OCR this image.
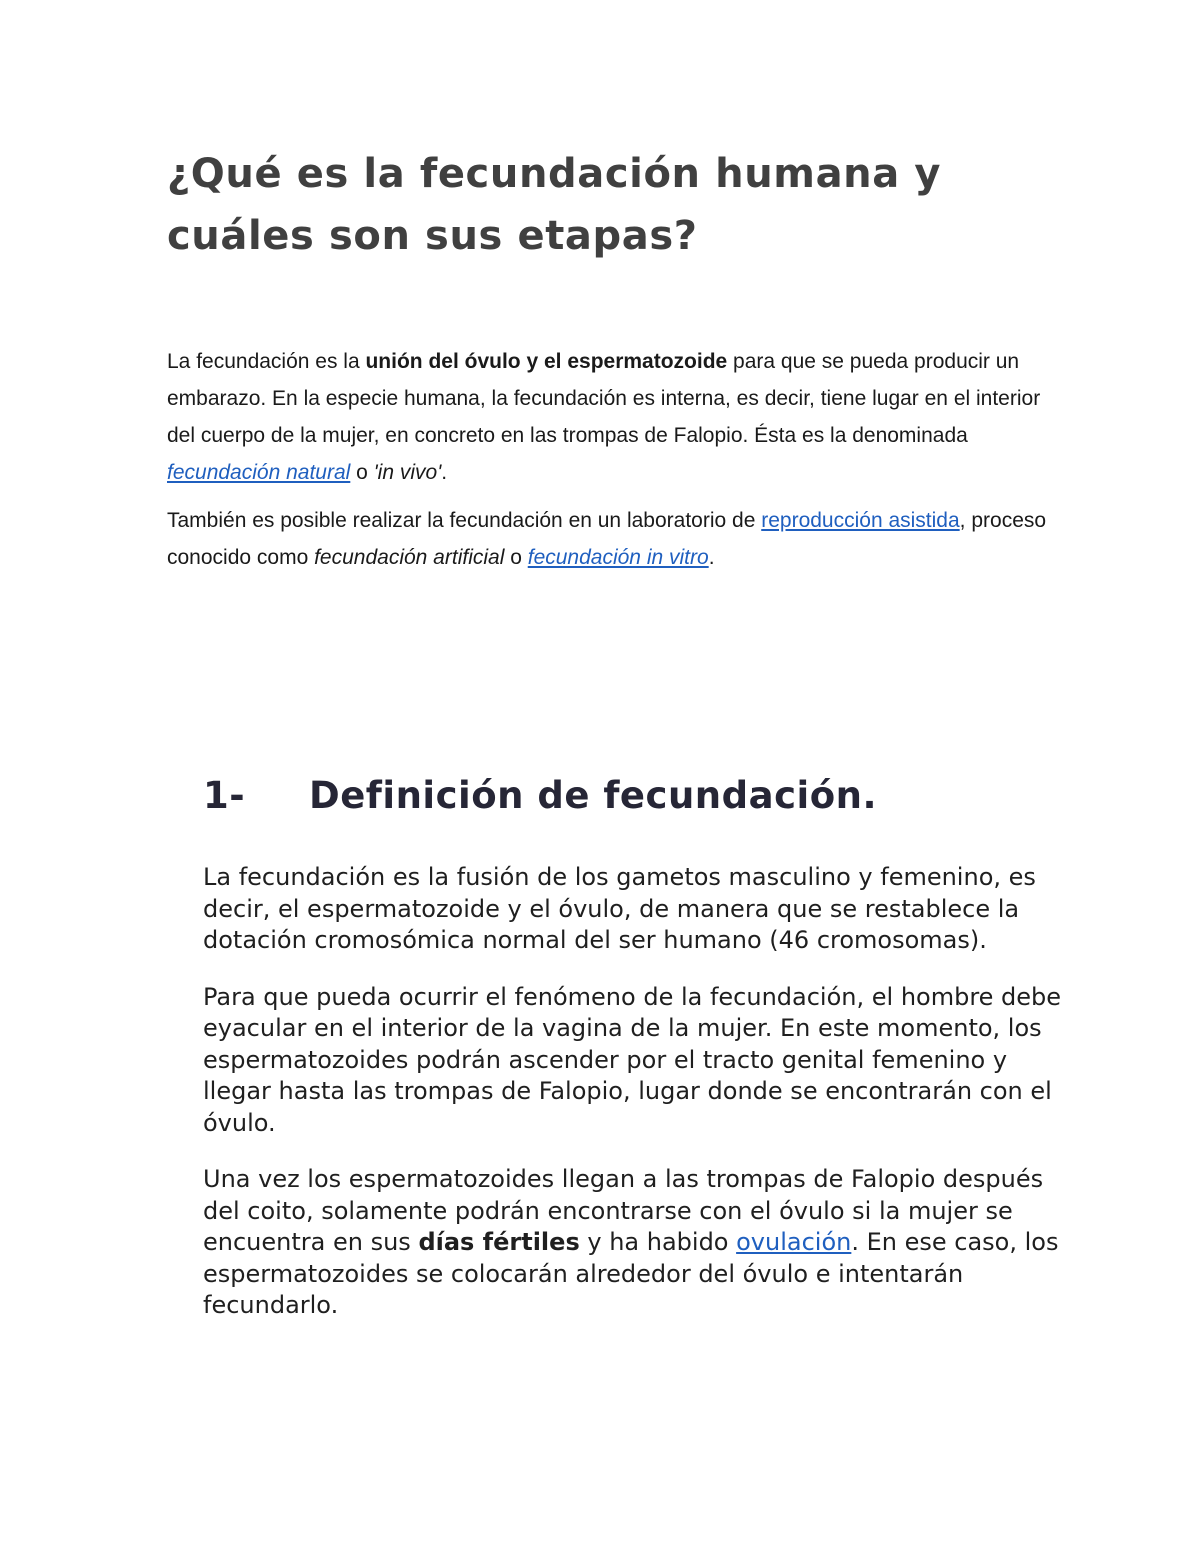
¿Qué es la fecundación humana y cuáles son sus etapas?

La fecundación es la unión del óvulo y el espermatozoide para que se pueda producir un embarazo. En la especie humana, la fecundación es interna, es decir, tiene lugar en el interior del cuerpo de la mujer, en concreto en las trompas de Falopio. Ésta es la denominada fecundación natural o 'in vivo'.

También es posible realizar la fecundación en un laboratorio de reproducción asistida, proceso conocido como fecundación artificial o fecundación in vitro.

1- Definición de fecundación.

La fecundación es la fusión de los gametos masculino y femenino, es decir, el espermatozoide y el óvulo, de manera que se restablece la dotación cromosómica normal del ser humano (46 cromosomas).

Para que pueda ocurrir el fenómeno de la fecundación, el hombre debe eyacular en el interior de la vagina de la mujer. En este momento, los espermatozoides podrán ascender por el tracto genital femenino y llegar hasta las trompas de Falopio, lugar donde se encontrarán con el óvulo.

Una vez los espermatozoides llegan a las trompas de Falopio después del coito, solamente podrán encontrarse con el óvulo si la mujer se encuentra en sus días fértiles y ha habido ovulación. En ese caso, los espermatozoides se colocarán alrededor del óvulo e intentarán fecundarlo.
